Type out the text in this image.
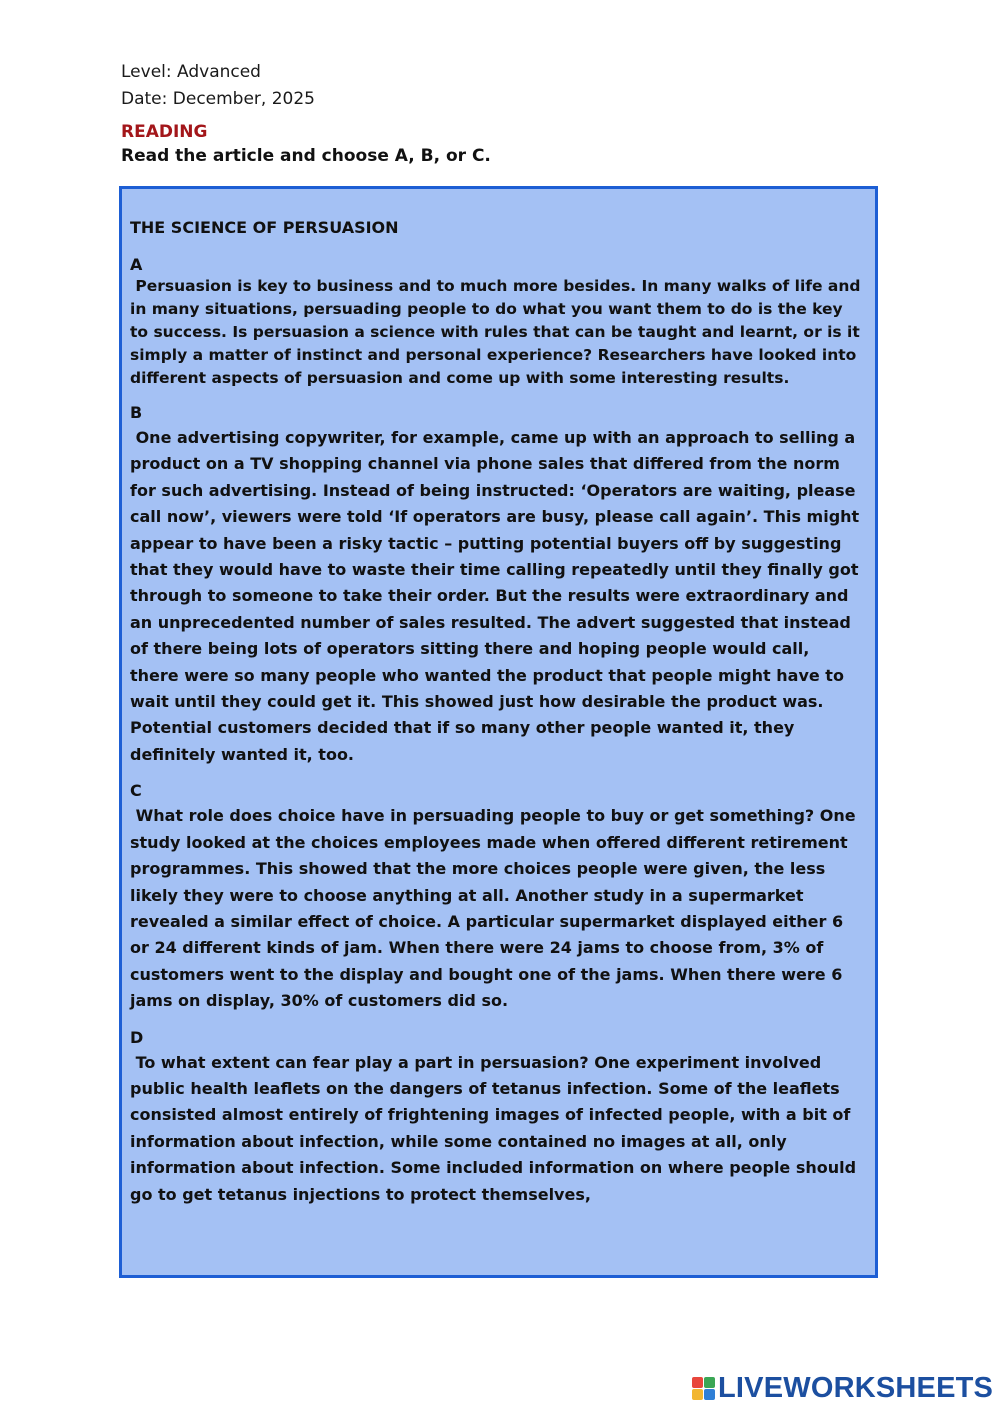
Level: Advanced
Date: December, 2025
READING
Read the article and choose A, B, or C.
THE SCIENCE OF PERSUASION
A

Persuasion is key to business and to much more besides. In many walks of life and in many situations, persuading people to do what you want them to do is the key to success. Is persuasion a science with rules that can be taught and learnt, or is it simply a matter of instinct and personal experience? Researchers have looked into different aspects of persuasion and come up with some interesting results.

B

One advertising copywriter, for example, came up with an approach to selling a product on a TV shopping channel via phone sales that differed from the norm for such advertising. Instead of being instructed: ‘Operators are waiting, please call now’, viewers were told ‘If operators are busy, please call again’. This might appear to have been a risky tactic – putting potential buyers off by suggesting that they would have to waste their time calling repeatedly until they finally got through to someone to take their order. But the results were extraordinary and an unprecedented number of sales resulted. The advert suggested that instead of there being lots of operators sitting there and hoping people would call, there were so many people who wanted the product that people might have to wait until they could get it. This showed just how desirable the product was. Potential customers decided that if so many other people wanted it, they definitely wanted it, too.

C

What role does choice have in persuading people to buy or get something? One study looked at the choices employees made when offered different retirement programmes. This showed that the more choices people were given, the less likely they were to choose anything at all. Another study in a supermarket revealed a similar effect of choice. A particular supermarket displayed either 6 or 24 different kinds of jam. When there were 24 jams to choose from, 3% of customers went to the display and bought one of the jams. When there were 6 jams on display, 30% of customers did so.

D

To what extent can fear play a part in persuasion? One experiment involved public health leaflets on the dangers of tetanus infection. Some of the leaflets consisted almost entirely of frightening images of infected people, with a bit of information about infection, while some contained no images at all, only information about infection. Some included information on where people should go to get tetanus injections to protect themselves,

LIVEWORKSHEETS
